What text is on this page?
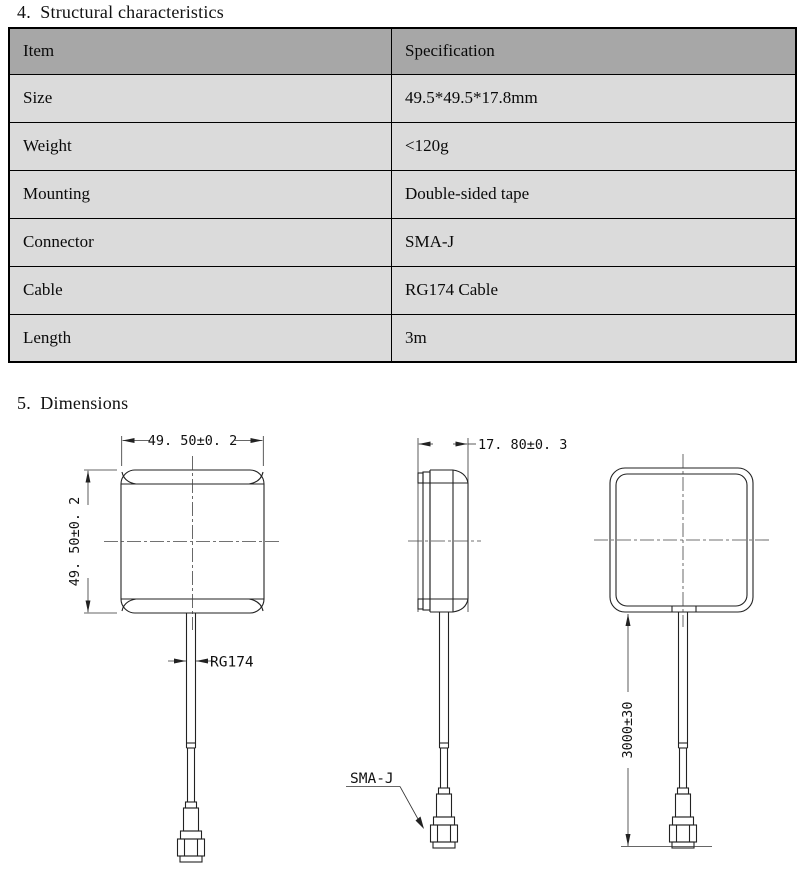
4.  Structural characteristics
Item	Specification
Size	49.5*49.5*17.8mm
Weight	<120g
Mounting	Double-sided tape
Connector	SMA-J
Cable	RG174 Cable
Length	3m
5.  Dimensions
49. 50±0. 2
49. 50±0. 2
RG174
17. 80±0. 3
SMA-J
3000±30
